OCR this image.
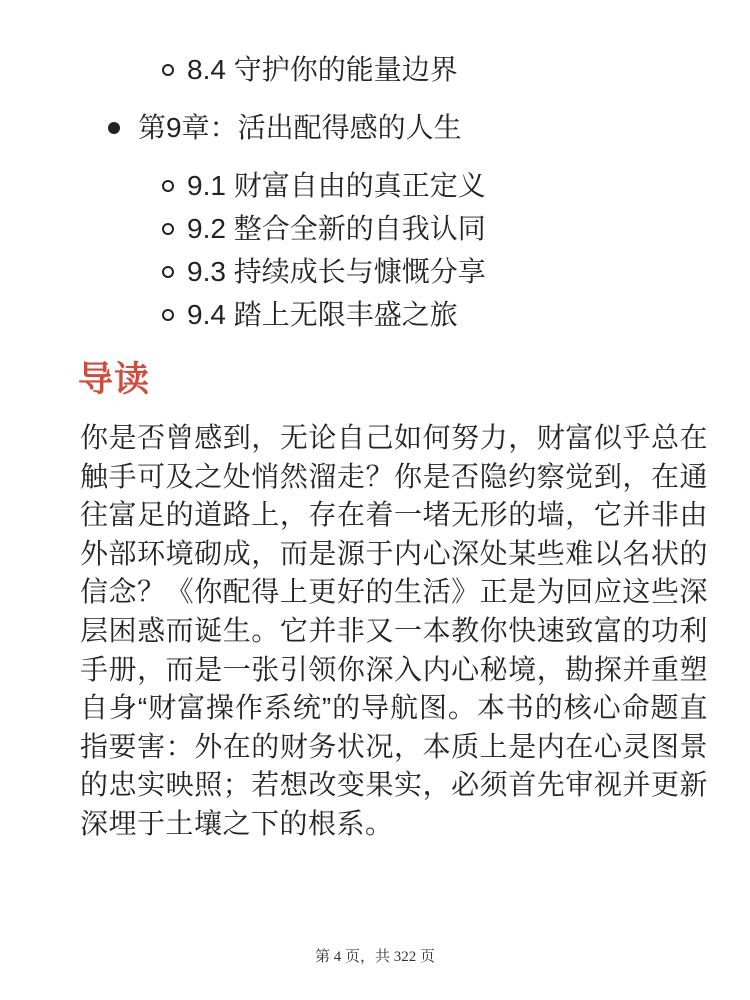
8.4 守护你的能量边界
第9章：活出配得感的人生
9.1 财富自由的真正定义
9.2 整合全新的自我认同
9.3 持续成长与慷慨分享
9.4 踏上无限丰盛之旅
导读

你是否曾感到，无论自己如何努力，财富似乎总在触手可及之处悄然溜走？你是否隐约察觉到，在通往富足的道路上，存在着一堵无形的墙，它并非由外部环境砌成，而是源于内心深处某些难以名状的信念？《你配得上更好的生活》正是为回应这些深层困惑而诞生。它并非又一本教你快速致富的功利手册，而是一张引领你深入内心秘境，勘探并重塑自身“财富操作系统”的导航图。本书的核心命题直指要害：外在的财务状况，本质上是内在心灵图景的忠实映照；若想改变果实，必须首先审视并更新深埋于土壤之下的根系。

第 4 页，共 322 页
